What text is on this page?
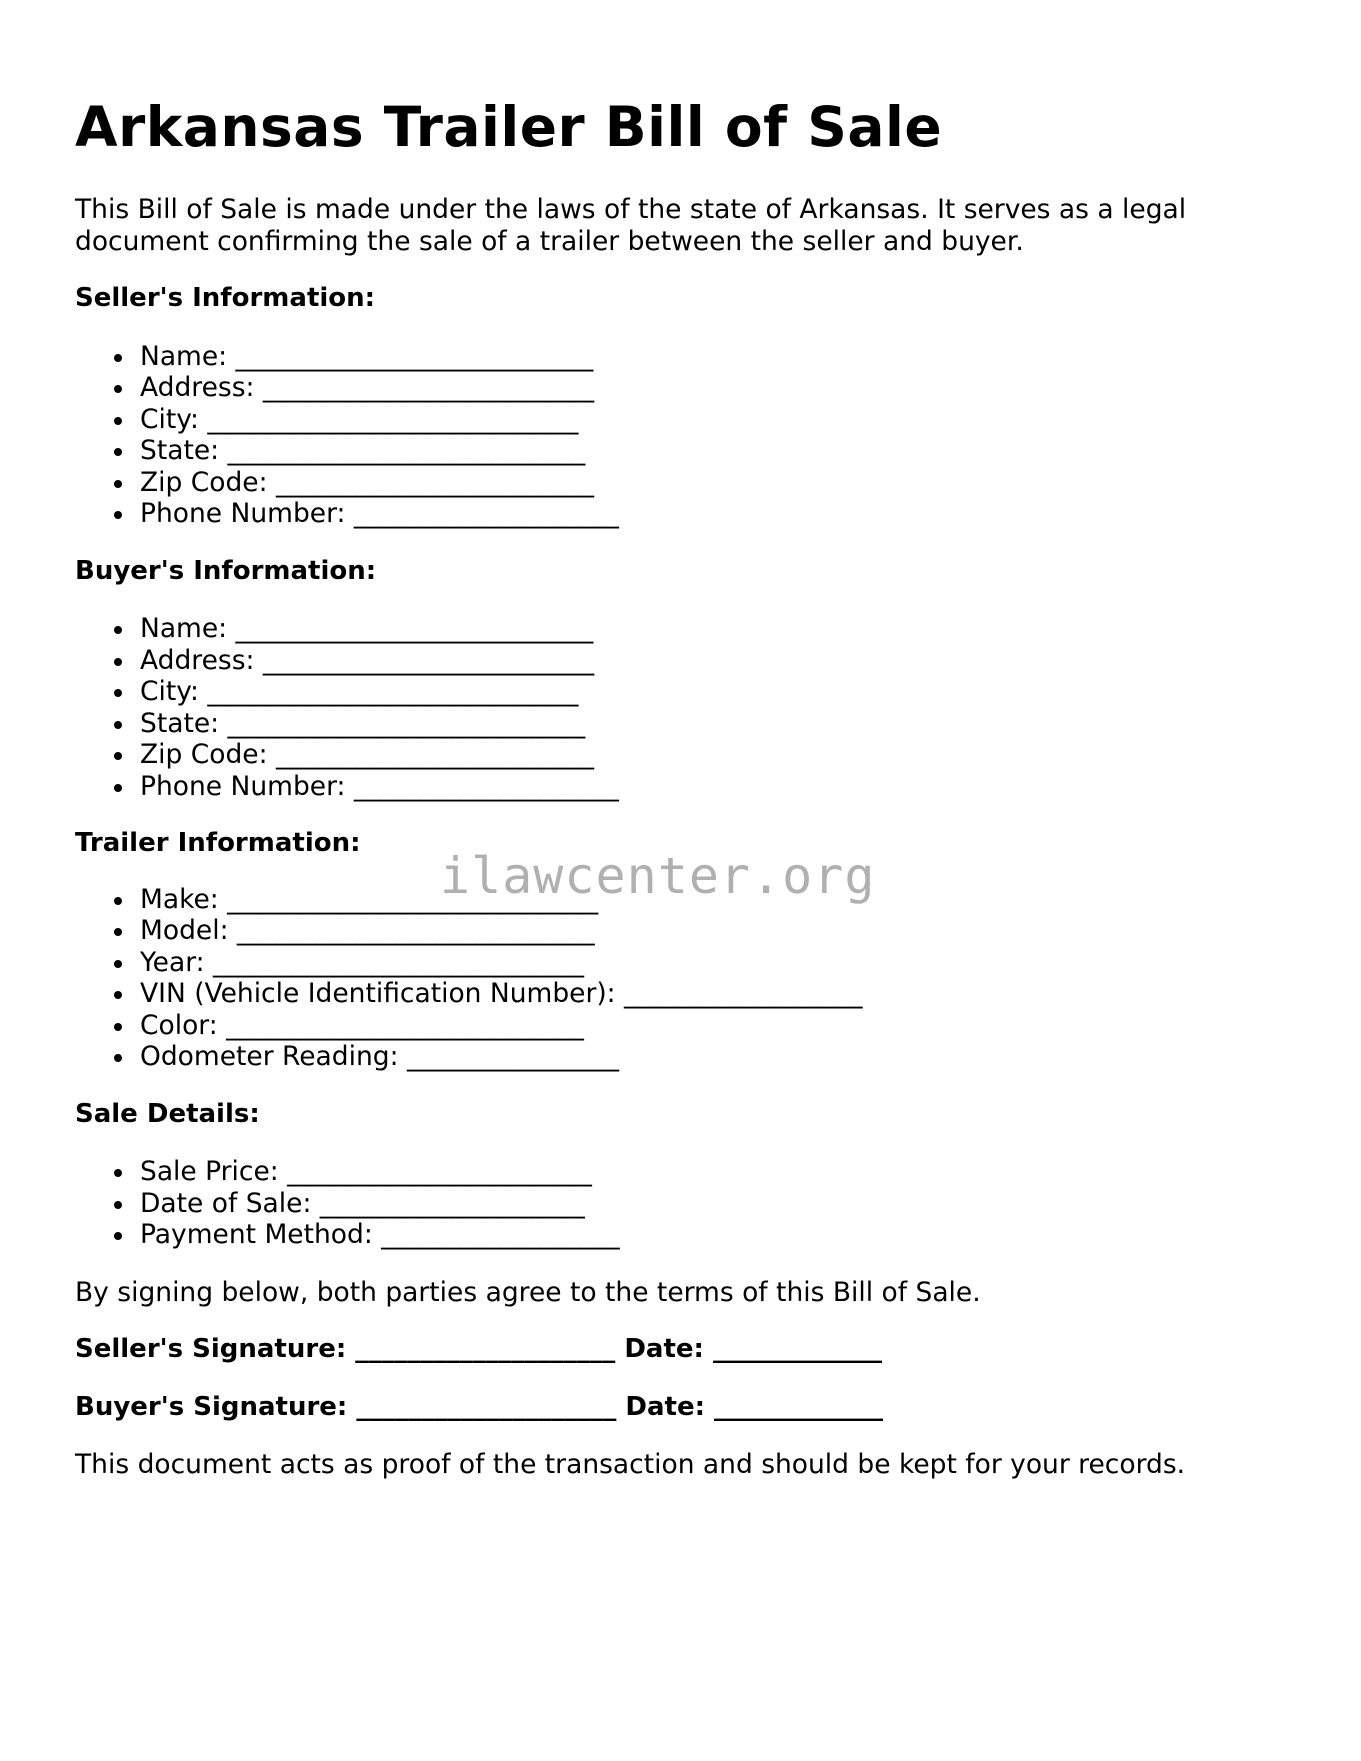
Arkansas Trailer Bill of Sale

This Bill of Sale is made under the laws of the state of Arkansas. It serves as a legal document confirming the sale of a trailer between the seller and buyer.

Seller's Information:
Name: ___________________________
Address: _________________________
City: ____________________________
State: ___________________________
Zip Code: ________________________
Phone Number: ____________________
Buyer's Information:
Name: ___________________________
Address: _________________________
City: ____________________________
State: ___________________________
Zip Code: ________________________
Phone Number: ____________________
Trailer Information:
Make: ____________________________
Model: ___________________________
Year: ____________________________
VIN (Vehicle Identification Number): __________________
Color: ___________________________
Odometer Reading: ________________
Sale Details:
Sale Price: _______________________
Date of Sale: ____________________
Payment Method: __________________

By signing below, both parties agree to the terms of this Bill of Sale.

Seller's Signature: ____________________ Date: _____________
Buyer's Signature: ____________________ Date: _____________

This document acts as proof of the transaction and should be kept for your records.

ilawcenter.org
